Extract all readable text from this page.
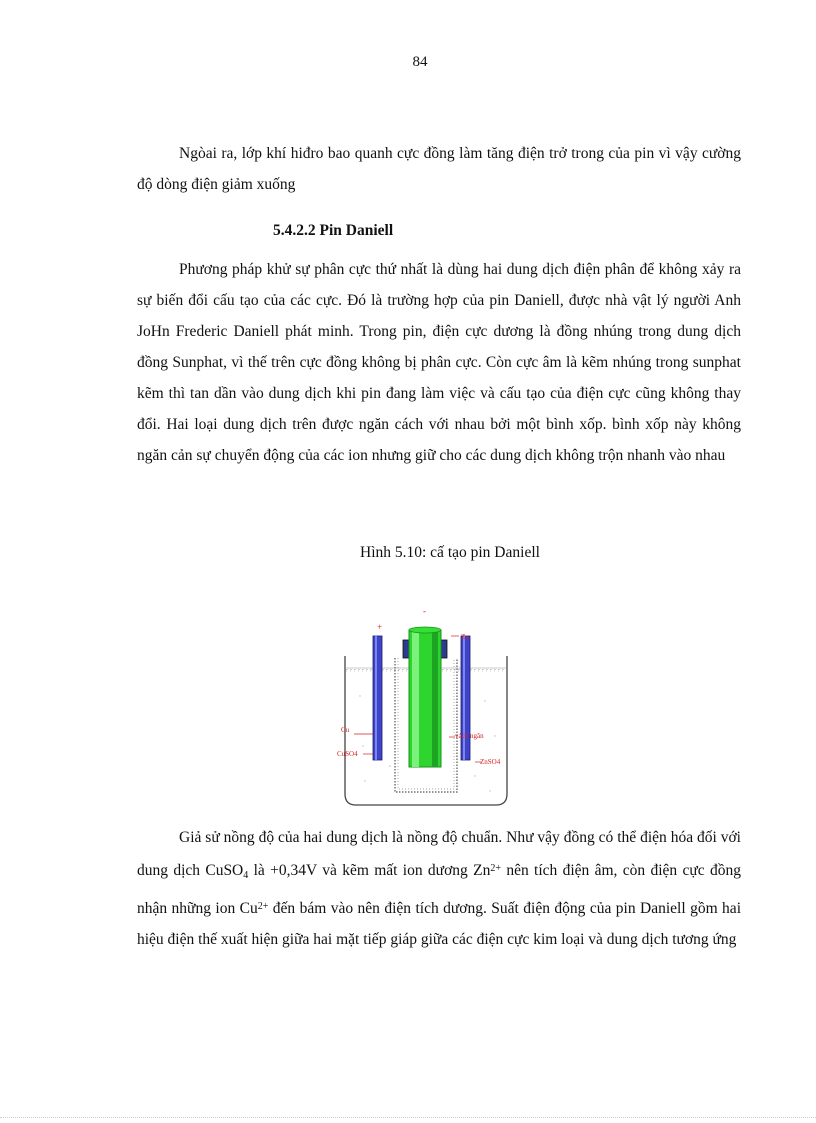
84

Ngòai ra, lớp khí hiđro bao quanh cực đồng làm tăng điện trở trong của pin vì vậy cường độ dòng điện giảm xuống

5.4.2.2 Pin Daniell

Phương pháp khử sự phân cực thứ nhất là dùng hai dung dịch điện phân để không xảy ra sự biến đổi cấu tạo của các cực. Đó là trường hợp của pin Daniell, được nhà vật lý người Anh JoHn Frederic Daniell phát minh. Trong pin, điện cực dương là đồng nhúng trong dung dịch đồng Sunphat, vì thế trên cực đồng không bị phân cực. Còn cực âm là kẽm nhúng trong sunphat kẽm thì tan dần vào dung dịch khi pin đang làm việc và cấu tạo của điện cực cũng không thay đổi. Hai loại dung dịch trên được ngăn cách với nhau bởi một bình xốp. bình xốp này không ngăn cản sự chuyển động của các ion nhưng giữ cho các dung dịch không trộn nhanh vào nhau

Hình 5.10: cấ tạo pin Daniell

+
-
Zn
Cu
CuSO4
vách ngăn
ZnSO4

Giả sử nồng độ của hai dung dịch là nồng độ chuẩn. Như vậy đồng có thể điện hóa đối với dung dịch CuSO$_4$ là +0,34V và kẽm mất ion dương $Zn^{2+}$ nên tích điện âm, còn điện cực đồng nhận những ion $Cu^{2+}$ đến bám vào nên điện tích dương. Suất điện động của pin Daniell gồm hai hiệu điện thế xuất hiện giữa hai mặt tiếp giáp giữa các điện cực kim loại và dung dịch tương ứng
